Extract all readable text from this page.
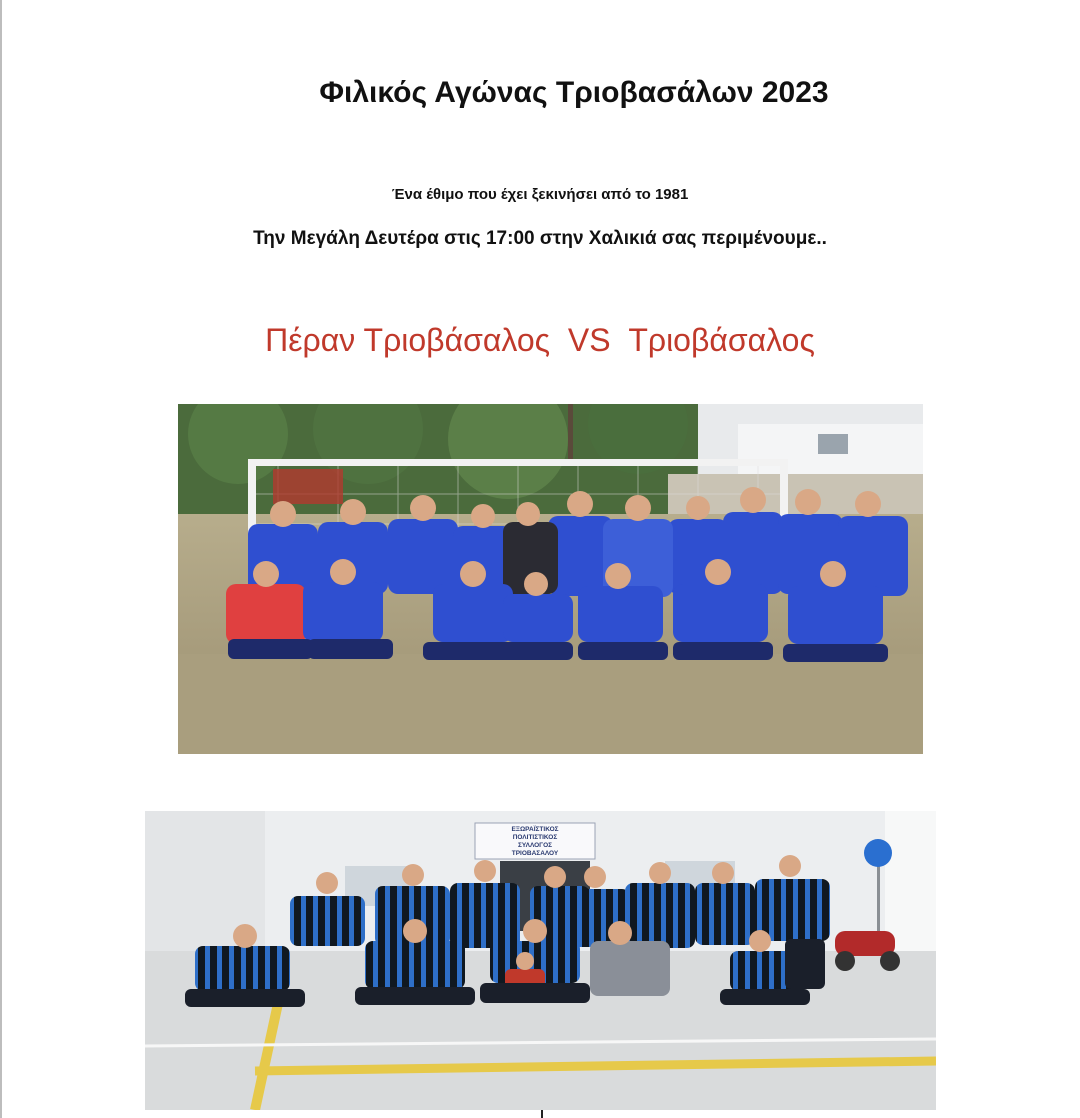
Φιλικός Αγώνας Τριοβασάλων 2023
Ένα έθιμο που έχει ξεκινήσει από το 1981
Την Μεγάλη Δευτέρα στις 17:00 στην Χαλικιά σας περιμένουμε..
Πέραν Τριοβάσαλος  VS  Τριοβάσαλος
ΕΞΩΡΑΪΣΤΙΚΟΣ
ΠΟΛΙΤΙΣΤΙΚΟΣ
ΣΥΛΛΟΓΟΣ
ΤΡΙΟΒΑΣΑΛΟΥ
